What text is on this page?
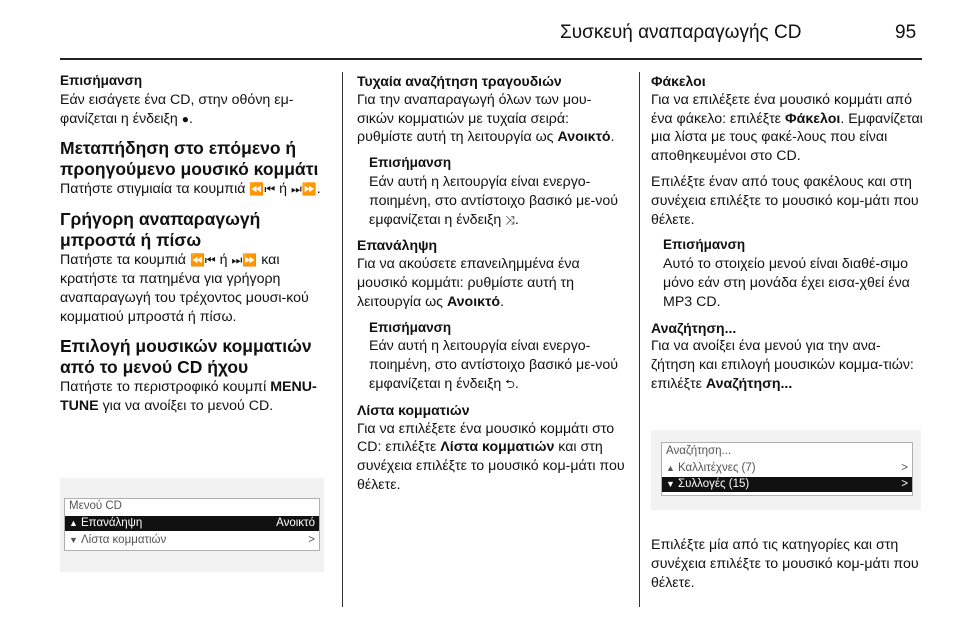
Συσκευή αναπαραγωγής CD	95

Επισήμανση

Εάν εισάγετε ένα CD, στην οθόνη εμ-φανίζεται η ένδειξη ●.

Μεταπήδηση στο επόμενο ή προηγούμενο μουσικό κομμάτι

Πατήστε στιγμιαία τα κουμπιά ⏪⏮ ή ⏭⏩.

Γρήγορη αναπαραγωγή μπροστά ή πίσω

Πατήστε τα κουμπιά ⏪⏮ ή ⏭⏩ και κρατήστε τα πατημένα για γρήγορη αναπαραγωγή του τρέχοντος μουσι-κού κομματιού μπροστά ή πίσω.

Επιλογή μουσικών κομματιών από το μενού CD ήχου

Πατήστε το περιστροφικό κουμπί MENU-TUNE για να ανοίξει το μενού CD.

Μενού CD
▲ Επανάληψη	Ανοικτό
▼ Λίστα κομματιών	>

Τυχαία αναζήτηση τραγουδιών

Για την αναπαραγωγή όλων των μου-σικών κομματιών με τυχαία σειρά: ρυθμίστε αυτή τη λειτουργία ως Ανοικτό.

Επισήμανση

Εάν αυτή η λειτουργία είναι ενεργο-ποιημένη, στο αντίστοιχο βασικό με-νού εμφανίζεται η ένδειξη ⤨.

Επανάληψη

Για να ακούσετε επανειλημμένα ένα μουσικό κομμάτι: ρυθμίστε αυτή τη λειτουργία ως Ανοικτό.

Επισήμανση

Εάν αυτή η λειτουργία είναι ενεργο-ποιημένη, στο αντίστοιχο βασικό με-νού εμφανίζεται η ένδειξη ⮌.

Λίστα κομματιών

Για να επιλέξετε ένα μουσικό κομμάτι στο CD: επιλέξτε Λίστα κομματιών και στη συνέχεια επιλέξτε το μουσικό κομ-μάτι που θέλετε.

Φάκελοι

Για να επιλέξετε ένα μουσικό κομμάτι από ένα φάκελο: επιλέξτε Φάκελοι. Εμφανίζεται μια λίστα με τους φακέ-λους που είναι αποθηκευμένοι στο CD.

Επιλέξτε έναν από τους φακέλους και στη συνέχεια επιλέξτε το μουσικό κομ-μάτι που θέλετε.

Επισήμανση

Αυτό το στοιχείο μενού είναι διαθέ-σιμο μόνο εάν στη μονάδα έχει εισα-χθεί ένα MP3 CD.

Αναζήτηση...

Για να ανοίξει ένα μενού για την ανα-ζήτηση και επιλογή μουσικών κομμα-τιών: επιλέξτε Αναζήτηση...

Αναζήτηση...
▲ Καλλιτέχνες (7)	>
▼ Συλλογές (15)	>

Επιλέξτε μία από τις κατηγορίες και στη συνέχεια επιλέξτε το μουσικό κομ-μάτι που θέλετε.
